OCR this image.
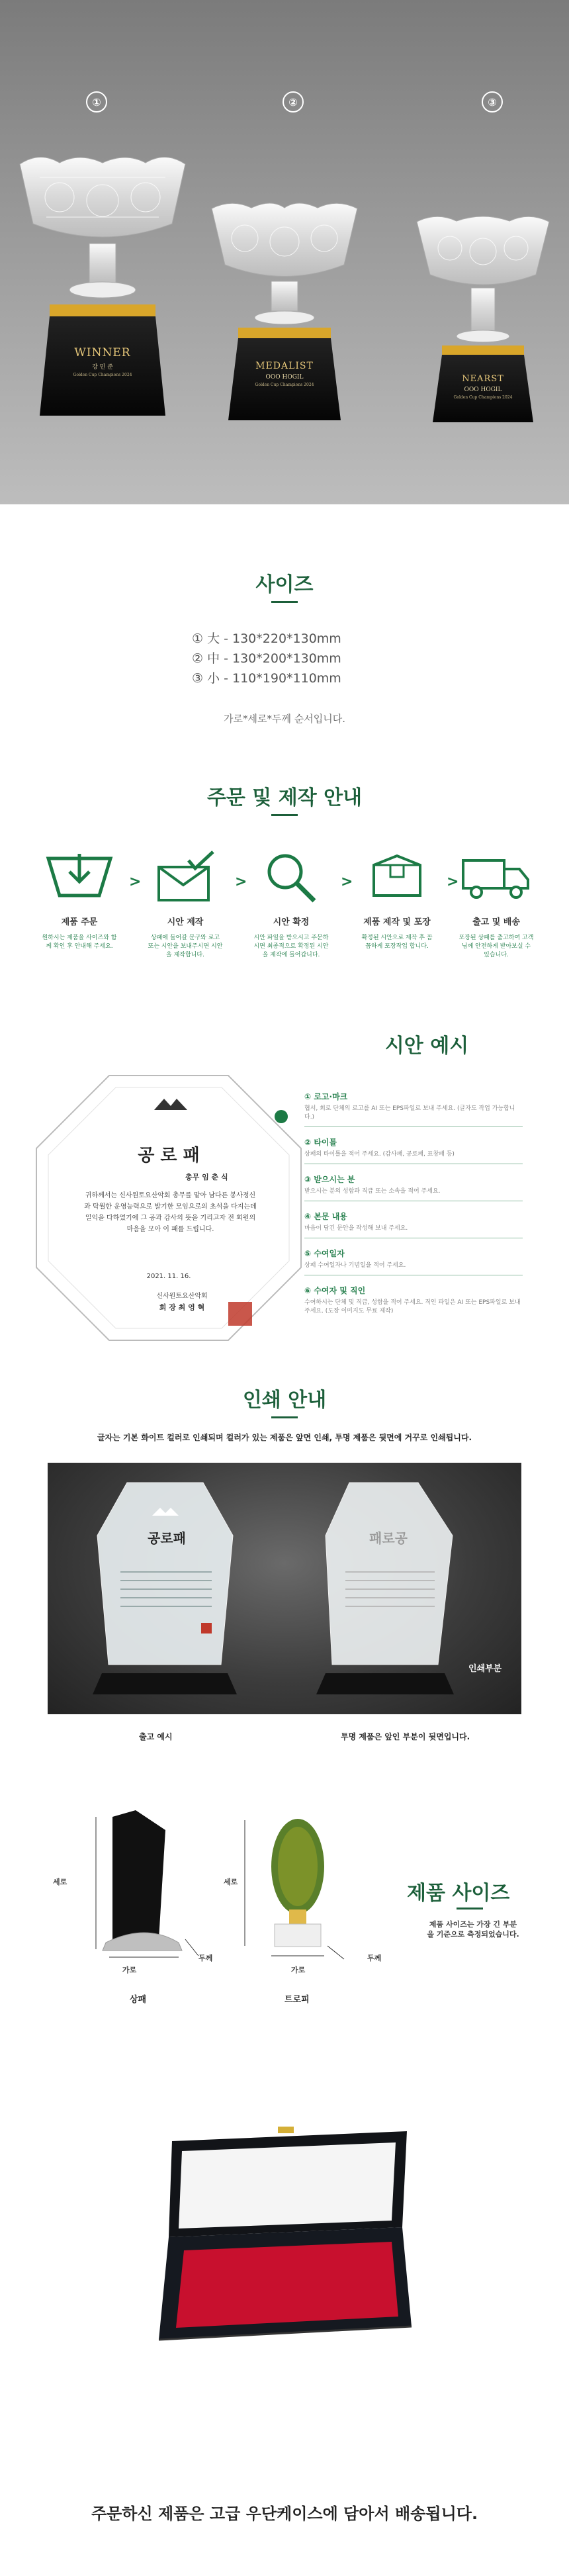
①	②	③
WINNER
강 민 준
Golden Cup Champions 2024
MEDALIST
OOO HOGIL
Golden Cup Champions 2024
NEARST
OOO HOGIL
Golden Cup Champions 2024
사이즈
① 大 - 130*220*130mm
② 中 - 130*200*130mm
③ 小 - 110*190*110mm
가로*세로*두께 순서입니다.
주문 및 제작 안내
제품 주문
원하시는 제품을 사이즈와 함께 확인 후 안내해 주세요.
>
시안 제작
상패에 들어갈 문구와 로고 또는 시안을 보내주시면 시안을 제작합니다.
>
시안 확정
시안 파일을 받으시고 주문하시면 최종적으로 확정된 시안을 제작에 들어갑니다.
>
제품 제작 및 포장
확정된 시안으로 제작 후 꼼꼼하게 포장작업 합니다.
>
출고 및 배송
포장된 상패를 출고하여 고객님께 안전하게 받아보실 수 있습니다.
시안 예시
공 로 패
총무 임 춘 식
귀하께서는 신사원토요산악회 총무를 맡아 남다른 봉사정신과 탁월한 운영능력으로 발기한 모임으로의 초석을 다지는데 일익을 다하였기에 그 공과 감사의 뜻을 기리고자 전 회원의 마음을 모아 이 패를 드립니다.
2021. 11. 16.
신사원토요산악회
회 장 최 영 혁
① 로고·마크
협서, 회로 단체의 로고를 AI 또는 EPS파일로 보내 주세요. (글자도 작업 가능합니다.)
② 타이틀
상패의 타이틀을 적어 주세요. (감사패, 공로패, 표창패 등)
③ 받으시는 분
받으시는 분의 성함과 직급 또는 소속을 적어 주세요.
④ 본문 내용
마음이 담긴 문안을 작성해 보내 주세요.
⑤ 수여일자
상패 수여일자나 기념일을 적어 주세요.
⑥ 수여자 및 직인
수여하시는 단체 및 직급, 성함을 적어 주세요. 직인 파일은 AI 또는 EPS파일로 보내 주세요. (도장 이미지도 무료 제작)
인쇄 안내
글자는 기본 화이트 컬러로 인쇄되며 컬러가 있는 제품은 앞면 인쇄, 투명 제품은 뒷면에 거꾸로 인쇄됩니다.
공로패	패로공
인쇄부분
출고 예시	투명 제품은 앞인 부분이 뒷면입니다.
세로
가로
두께
상패
세로
가로
두께
트로피
제품 사이즈
제품 사이즈는 가장 긴 부분을 기준으로 측정되었습니다.
주문하신 제품은 고급 우단케이스에 담아서 배송됩니다.
